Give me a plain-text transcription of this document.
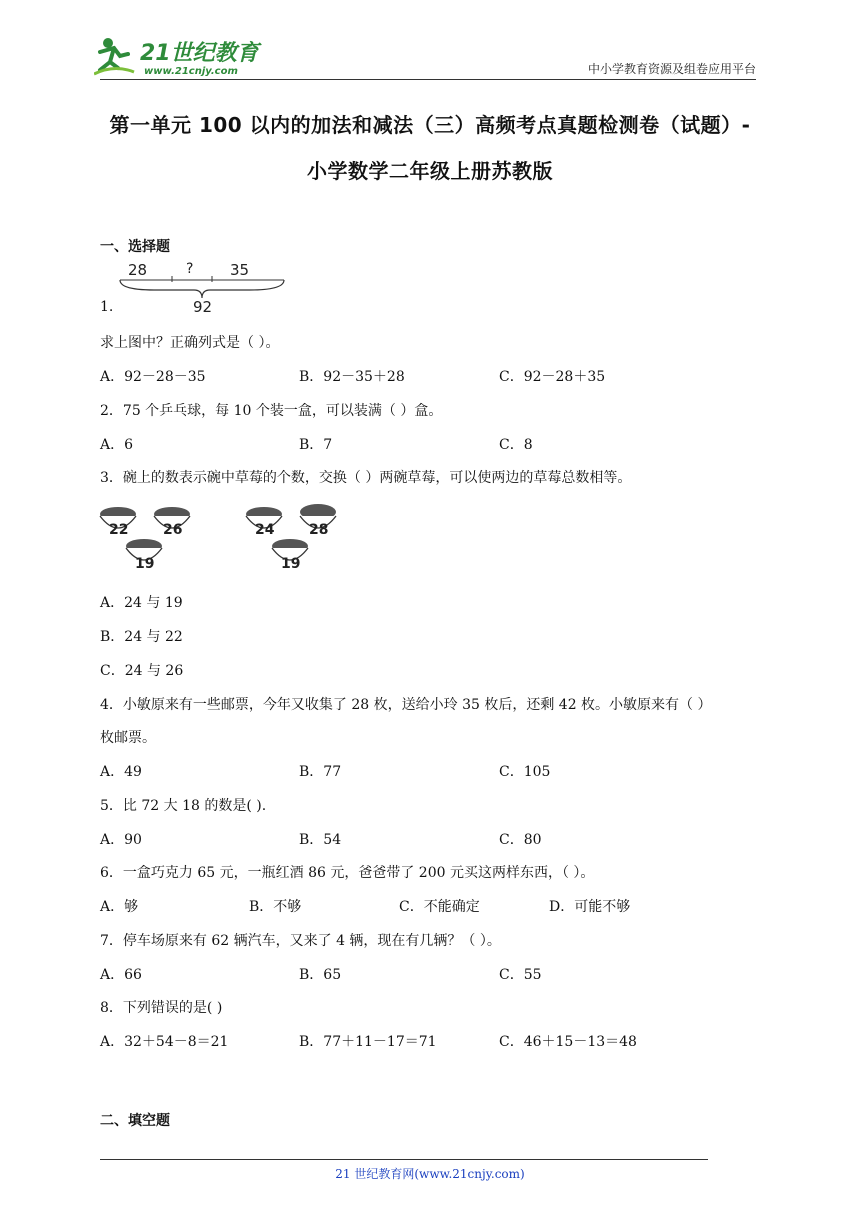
21世纪教育
www.21cnjy.com	中小学教育资源及组卷应用平台
第一单元 100 以内的加法和减法（三）高频考点真题检测卷（试题）-
小学数学二年级上册苏教版
一、选择题
28	? 35
92
1.
求上图中？正确列式是（ ）。
A．92－28－35	B．92－35＋28	C．92－28＋35
2．75 个乒乓球，每 10 个装一盒，可以装满（ ）盒。
A．6	B．7	C．8
3．碗上的数表示碗中草莓的个数，交换（ ）两碗草莓，可以使两边的草莓总数相等。
22 26
19
24 28
19
A．24 与 19
B．24 与 22
C．24 与 26
4．小敏原来有一些邮票，今年又收集了 28 枚，送给小玲 35 枚后，还剩 42 枚。小敏原来有（ ）
枚邮票。
A．49	B．77	C．105
5．比 72 大 18 的数是( ).
A．90	B．54	C．80
6．一盒巧克力 65 元，一瓶红酒 86 元，爸爸带了 200 元买这两样东西，（ ）。
A．够	B．不够	C．不能确定	D．可能不够
7．停车场原来有 62 辆汽车，又来了 4 辆，现在有几辆？（ ）。
A．66	B．65	C．55
8．下列错误的是( )
A．32＋54－8＝21	B．77＋11－17＝71	C．46＋15－13＝48
二、填空题
21 世纪教育网(www.21cnjy.com)
